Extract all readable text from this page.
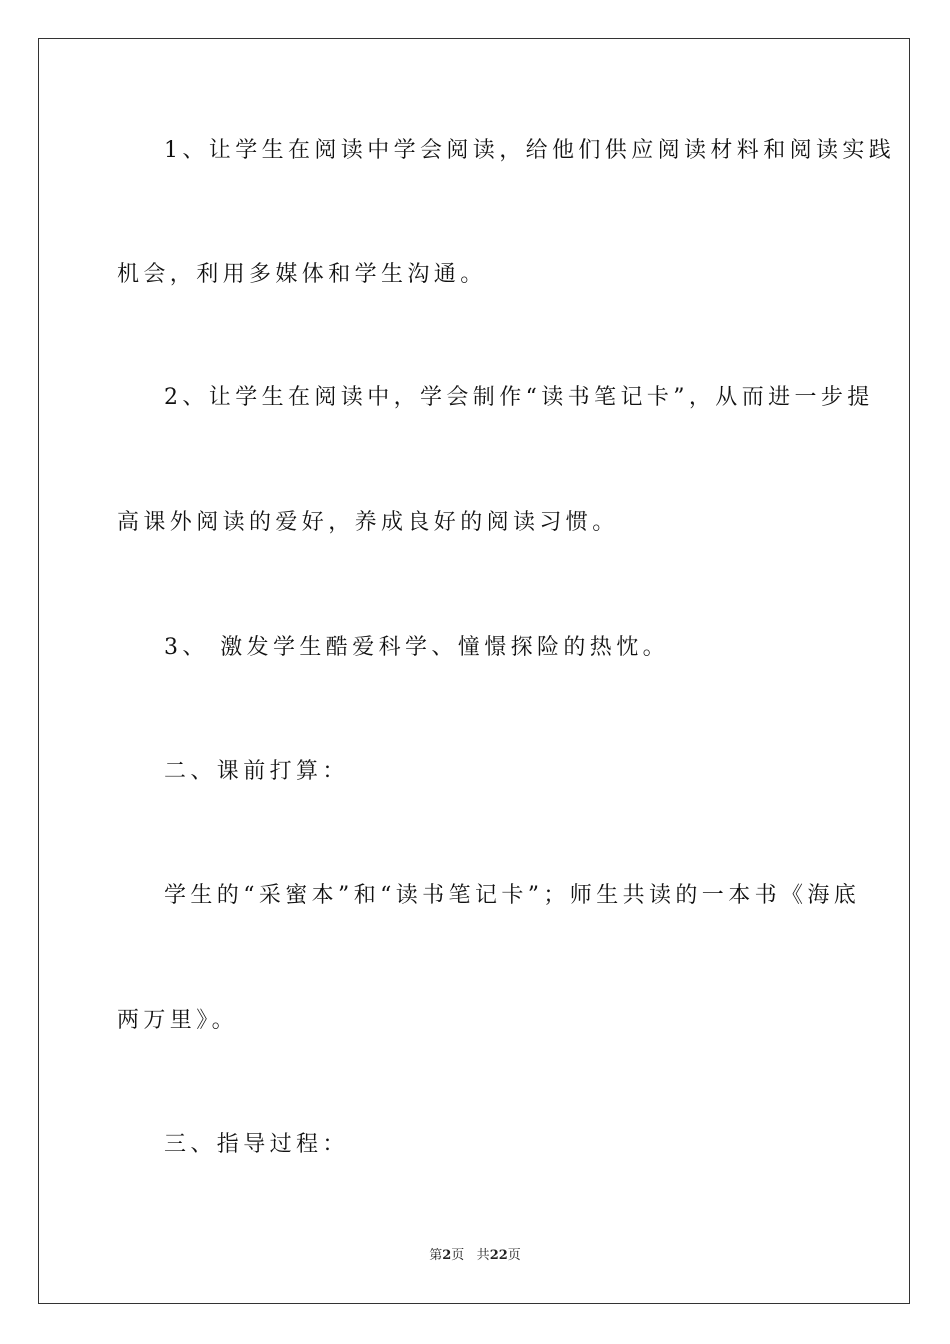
1、让学生在阅读中学会阅读，给他们供应阅读材料和阅读实践
机会，利用多媒体和学生沟通。
2、让学生在阅读中，学会制作“读书笔记卡”，从而进一步提
高课外阅读的爱好，养成良好的阅读习惯。
3、 激发学生酷爱科学、憧憬探险的热忱。
二、课前打算：
学生的“采蜜本”和“读书笔记卡”；师生共读的一本书《海底
两万里》。
三、指导过程：
第2页 共22页
